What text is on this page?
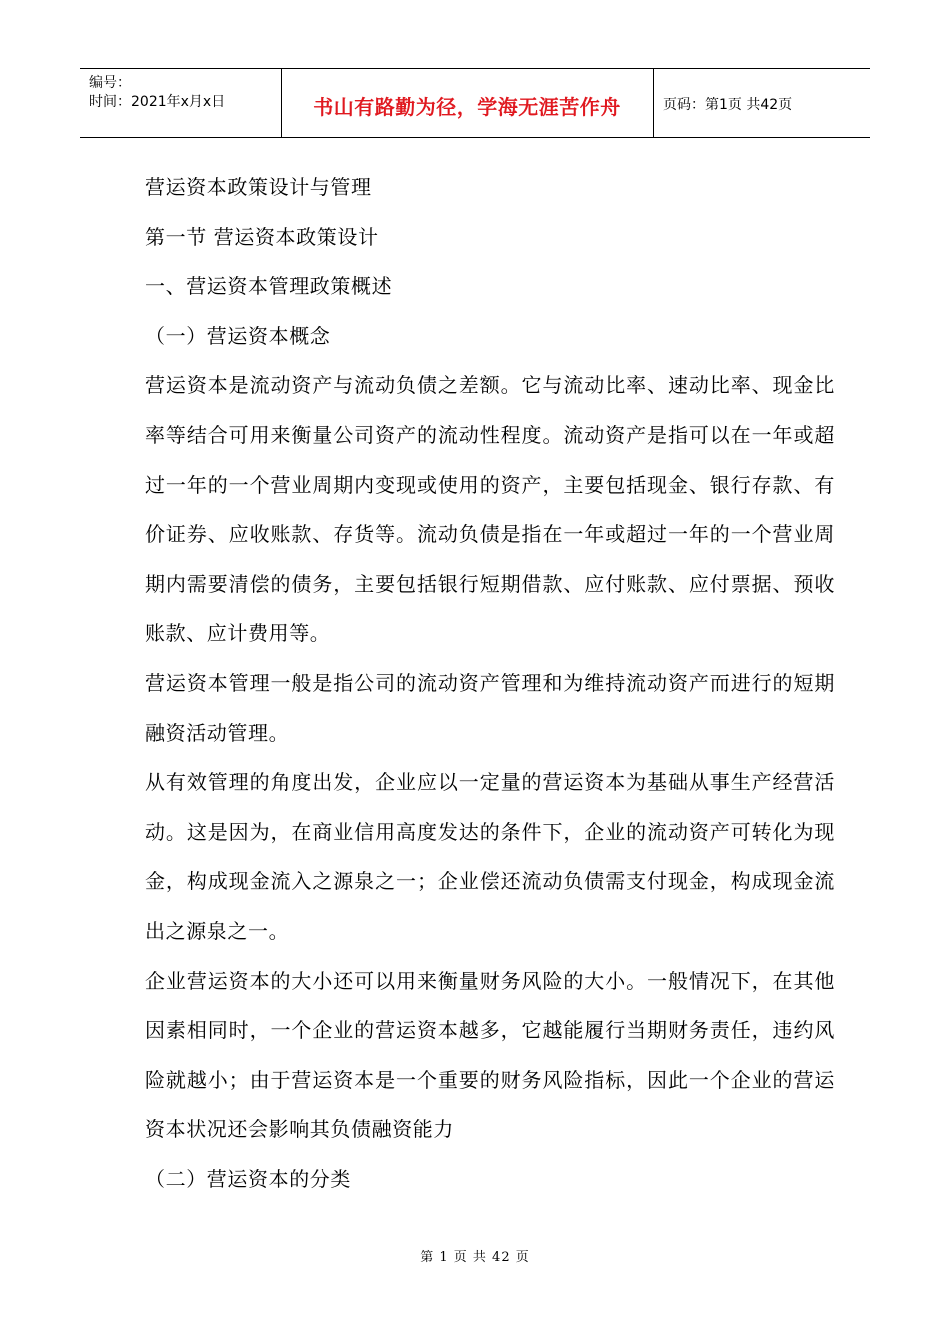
编号：
时间：2021年x月x日	书山有路勤为径，学海无涯苦作舟	页码：第1页 共42页

营运资本政策设计与管理

第一节 营运资本政策设计

一、营运资本管理政策概述

（一）营运资本概念

营运资本是流动资产与流动负债之差额。它与流动比率、速动比率、现金比率等结合可用来衡量公司资产的流动性程度。流动资产是指可以在一年或超过一年的一个营业周期内变现或使用的资产，主要包括现金、银行存款、有价证券、应收账款、存货等。流动负债是指在一年或超过一年的一个营业周期内需要清偿的债务，主要包括银行短期借款、应付账款、应付票据、预收账款、应计费用等。

营运资本管理一般是指公司的流动资产管理和为维持流动资产而进行的短期融资活动管理。

从有效管理的角度出发，企业应以一定量的营运资本为基础从事生产经营活动。这是因为，在商业信用高度发达的条件下，企业的流动资产可转化为现金，构成现金流入之源泉之一；企业偿还流动负债需支付现金，构成现金流出之源泉之一。

企业营运资本的大小还可以用来衡量财务风险的大小。一般情况下，在其他因素相同时，一个企业的营运资本越多，它越能履行当期财务责任，违约风险就越小；由于营运资本是一个重要的财务风险指标，因此一个企业的营运资本状况还会影响其负债融资能力

（二）营运资本的分类

第 1 页 共 42 页
